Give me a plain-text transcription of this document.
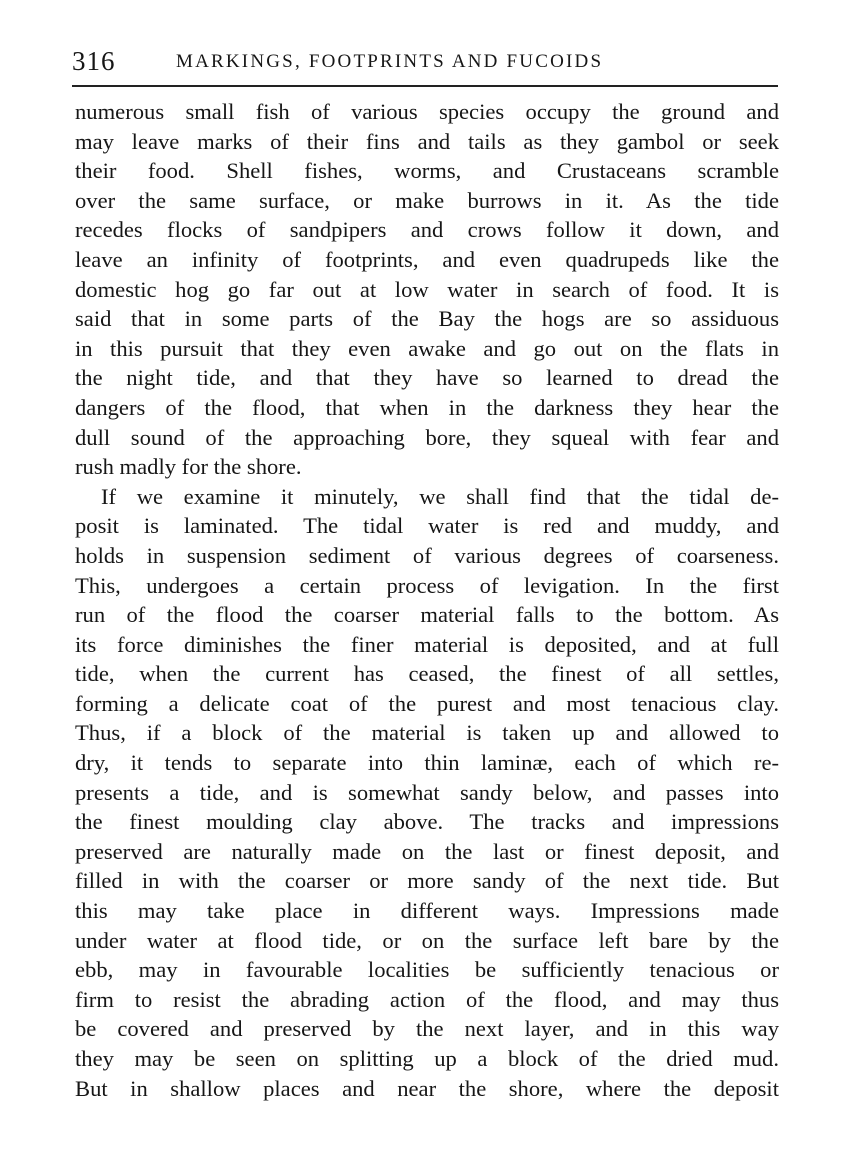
316	MARKINGS, FOOTPRINTS AND FUCOIDS
numerous small fish of various species occupy the ground and
may leave marks of their fins and tails as they gambol or seek
their food. Shell fishes, worms, and Crustaceans scramble
over the same surface, or make burrows in it. As the tide
recedes flocks of sandpipers and crows follow it down, and
leave an infinity of footprints, and even quadrupeds like the
domestic hog go far out at low water in search of food. It is
said that in some parts of the Bay the hogs are so assiduous
in this pursuit that they even awake and go out on the flats in
the night tide, and that they have so learned to dread the
dangers of the flood, that when in the darkness they hear the
dull sound of the approaching bore, they squeal with fear and
rush madly for the shore.
If we examine it minutely, we shall find that the tidal de-
posit is laminated. The tidal water is red and muddy, and
holds in suspension sediment of various degrees of coarseness.
This, undergoes a certain process of levigation. In the first
run of the flood the coarser material falls to the bottom. As
its force diminishes the finer material is deposited, and at full
tide, when the current has ceased, the finest of all settles,
forming a delicate coat of the purest and most tenacious clay.
Thus, if a block of the material is taken up and allowed to
dry, it tends to separate into thin laminæ, each of which re-
presents a tide, and is somewhat sandy below, and passes into
the finest moulding clay above. The tracks and impressions
preserved are naturally made on the last or finest deposit, and
filled in with the coarser or more sandy of the next tide. But
this may take place in different ways. Impressions made
under water at flood tide, or on the surface left bare by the
ebb, may in favourable localities be sufficiently tenacious or
firm to resist the abrading action of the flood, and may thus
be covered and preserved by the next layer, and in this way
they may be seen on splitting up a block of the dried mud.
But in shallow places and near the shore, where the deposit
